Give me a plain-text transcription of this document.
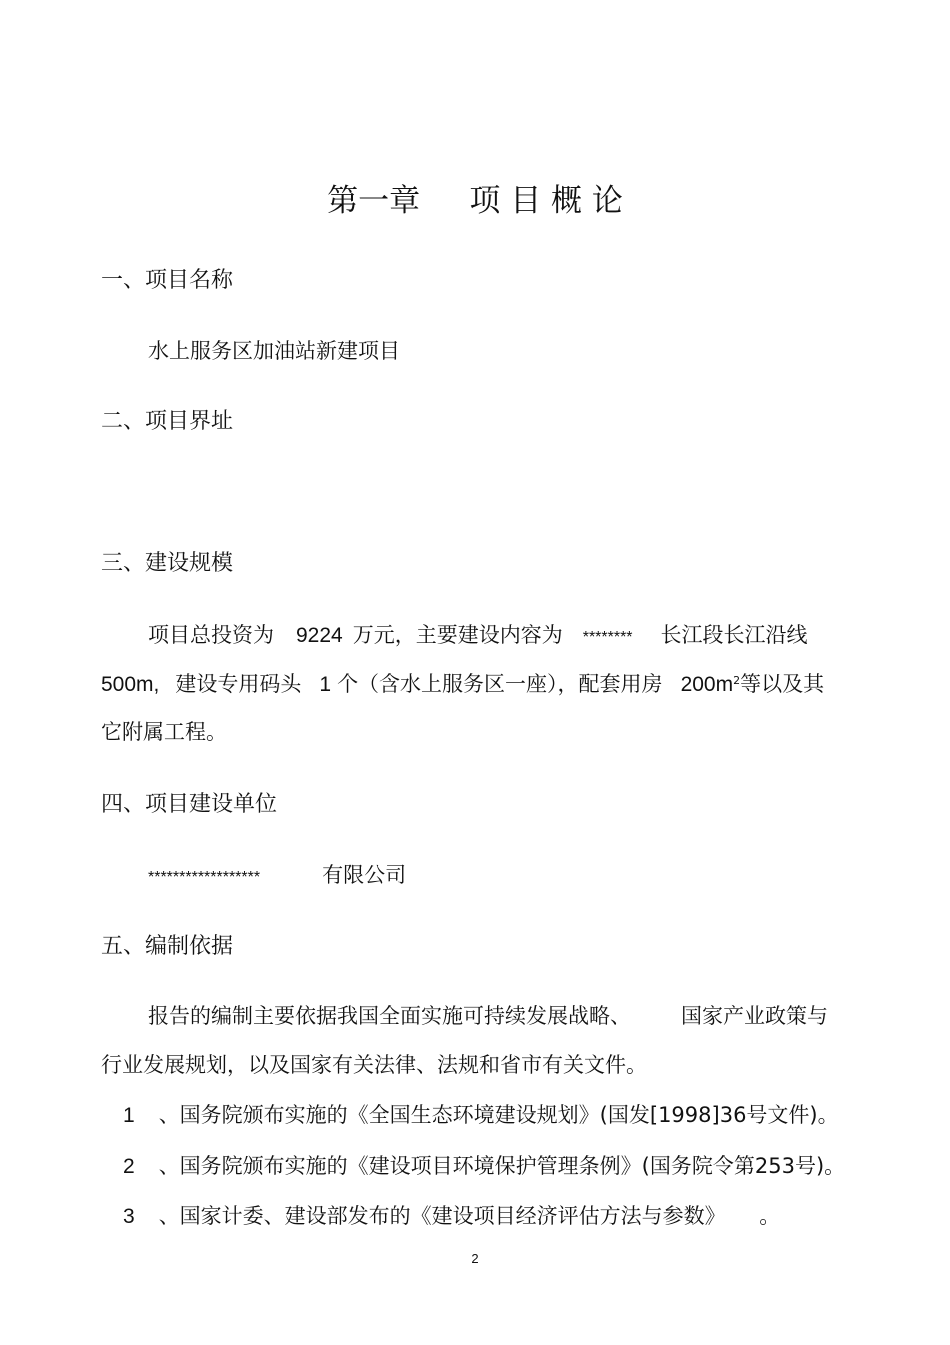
第一章     项 目 概 论
一、项目名称
水上服务区加油站新建项目
二、项目界址
三、建设规模
项目总投资为 9224 万元，主要建设内容为 ******** 长江段长江沿线
500m, 建设专用码头 1 个（含水上服务区一座），配套用房 $200m^2$等以及其
它附属工程。
四、项目建设单位
******************	有限公司
五、编制依据
报告的编制主要依据我国全面实施可持续发展战略、 国家产业政策与
行业发展规划，以及国家有关法律、法规和省市有关文件。
1 、国务院颁布实施的《全国生态环境建设规划》(国发[1998]36号文件)。
2 、国务院颁布实施的《建设项目环境保护管理条例》(国务院令第253号)。
3 、国家计委、建设部发布的《建设项目经济评估方法与参数》 。
2
